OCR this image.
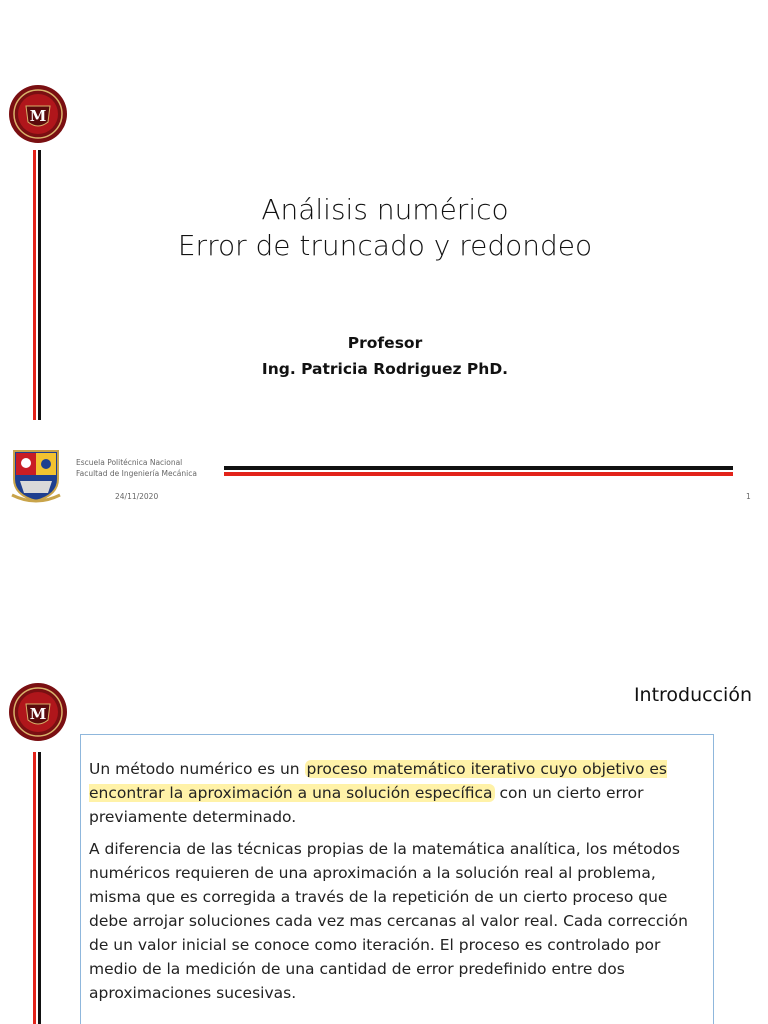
M
Análisis numérico
Error de truncado y redondeo
Profesor
Ing. Patricia Rodriguez PhD.
Escuela Politécnica Nacional
Facultad de Ingeniería Mecánica
24/11/2020	1
M
Introducción

Un método numérico es un proceso matemático iterativo cuyo objetivo es encontrar la aproximación a una solución específica con un cierto error previamente determinado.

A diferencia de las técnicas propias de la matemática analítica, los métodos numéricos requieren de una aproximación a la solución real al problema, misma que es corregida a través de la repetición de un cierto proceso que debe arrojar soluciones cada vez mas cercanas al valor real. Cada corrección de un valor inicial se conoce como iteración. El proceso es controlado por medio de la medición de una cantidad de error predefinido entre dos aproximaciones sucesivas.
